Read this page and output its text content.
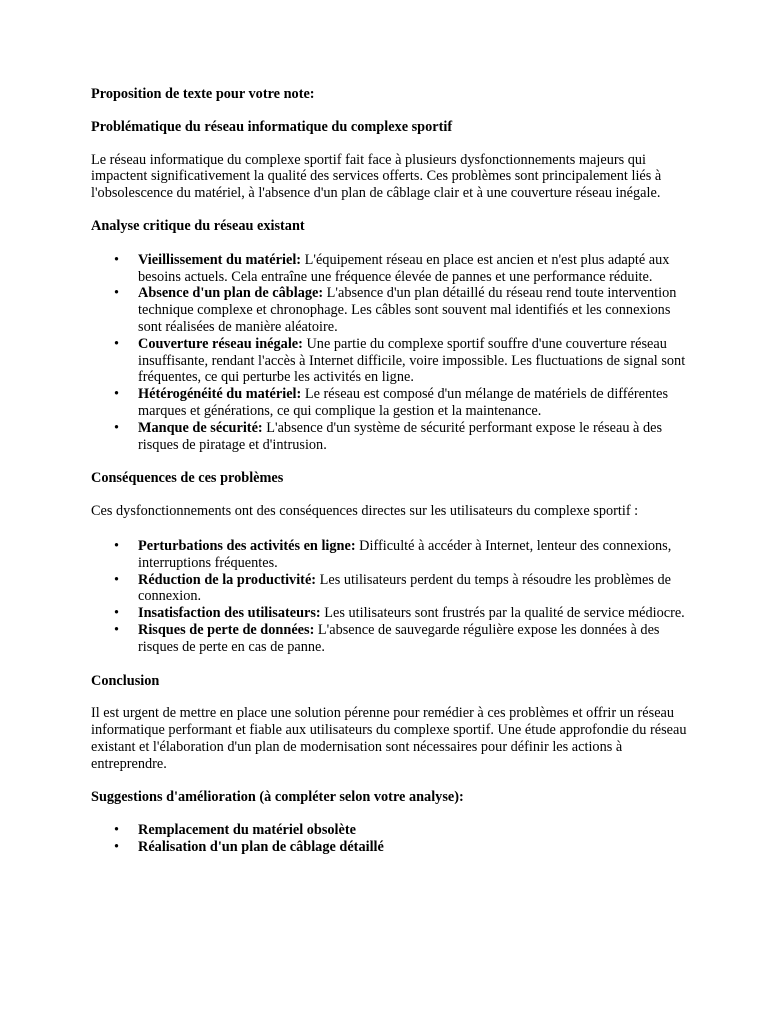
Proposition de texte pour votre note:

Problématique du réseau informatique du complexe sportif

Le réseau informatique du complexe sportif fait face à plusieurs dysfonctionnements majeurs qui impactent significativement la qualité des services offerts. Ces problèmes sont principalement liés à l'obsolescence du matériel, à l'absence d'un plan de câblage clair et à une couverture réseau inégale.

Analyse critique du réseau existant

• Vieillissement du matériel: L'équipement réseau en place est ancien et n'est plus adapté aux besoins actuels. Cela entraîne une fréquence élevée de pannes et une performance réduite.
• Absence d'un plan de câblage: L'absence d'un plan détaillé du réseau rend toute intervention technique complexe et chronophage. Les câbles sont souvent mal identifiés et les connexions sont réalisées de manière aléatoire.
• Couverture réseau inégale: Une partie du complexe sportif souffre d'une couverture réseau insuffisante, rendant l'accès à Internet difficile, voire impossible. Les fluctuations de signal sont fréquentes, ce qui perturbe les activités en ligne.
• Hétérogénéité du matériel: Le réseau est composé d'un mélange de matériels de différentes marques et générations, ce qui complique la gestion et la maintenance.
• Manque de sécurité: L'absence d'un système de sécurité performant expose le réseau à des risques de piratage et d'intrusion.

Conséquences de ces problèmes

Ces dysfonctionnements ont des conséquences directes sur les utilisateurs du complexe sportif :

• Perturbations des activités en ligne: Difficulté à accéder à Internet, lenteur des connexions, interruptions fréquentes.
• Réduction de la productivité: Les utilisateurs perdent du temps à résoudre les problèmes de connexion.
• Insatisfaction des utilisateurs: Les utilisateurs sont frustrés par la qualité de service médiocre.
• Risques de perte de données: L'absence de sauvegarde régulière expose les données à des risques de perte en cas de panne.

Conclusion

Il est urgent de mettre en place une solution pérenne pour remédier à ces problèmes et offrir un réseau informatique performant et fiable aux utilisateurs du complexe sportif. Une étude approfondie du réseau existant et l'élaboration d'un plan de modernisation sont nécessaires pour définir les actions à entreprendre.

Suggestions d'amélioration (à compléter selon votre analyse):

• Remplacement du matériel obsolète
• Réalisation d'un plan de câblage détaillé
